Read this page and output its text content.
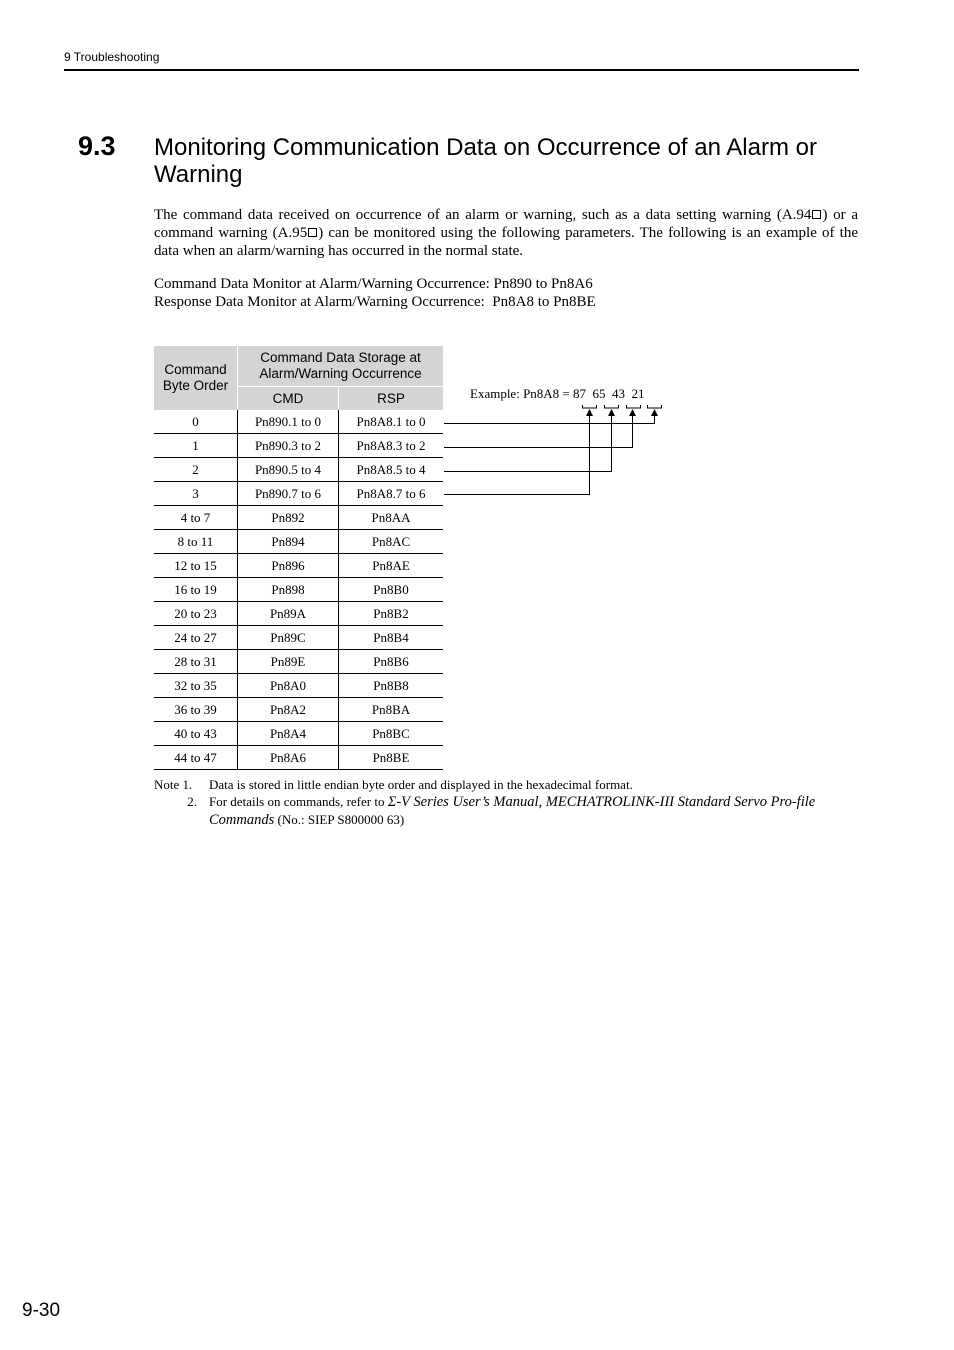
9 Troubleshooting
9.3 Monitoring Communication Data on Occurrence of an Alarm or Warning
The command data received on occurrence of an alarm or warning, such as a data setting warning (A.94 ) or a command warning (A.95 ) can be monitored using the following parameters. The following is an example of the data when an alarm/warning has occurred in the normal state.
Command Data Monitor at Alarm/Warning Occurrence: Pn890 to Pn8A6
Response Data Monitor at Alarm/Warning Occurrence:  Pn8A8 to Pn8BE
Command Byte Order	Command Data Storage at Alarm/Warning Occurrence	
	CMD	RSP
0	Pn890.1 to 0	Pn8A8.1 to 0
1	Pn890.3 to 2	Pn8A8.3 to 2
2	Pn890.5 to 4	Pn8A8.5 to 4
3	Pn890.7 to 6	Pn8A8.7 to 6
4 to 7	Pn892	Pn8AA
8 to 11	Pn894	Pn8AC
12 to 15	Pn896	Pn8AE
16 to 19	Pn898	Pn8B0
20 to 23	Pn89A	Pn8B2
24 to 27	Pn89C	Pn8B4
28 to 31	Pn89E	Pn8B6
32 to 35	Pn8A0	Pn8B8
36 to 39	Pn8A2	Pn8BA
40 to 43	Pn8A4	Pn8BC
44 to 47	Pn8A6	Pn8BE
Example: Pn8A8 = 87  65  43  21
Note 1.	Data is stored in little endian byte order and displayed in the hexadecimal format.
2. For details on commands, refer to Σ-V Series User’s Manual, MECHATROLINK-III Standard Servo Pro-file Commands (No.: SIEP S800000 63)
9-30
